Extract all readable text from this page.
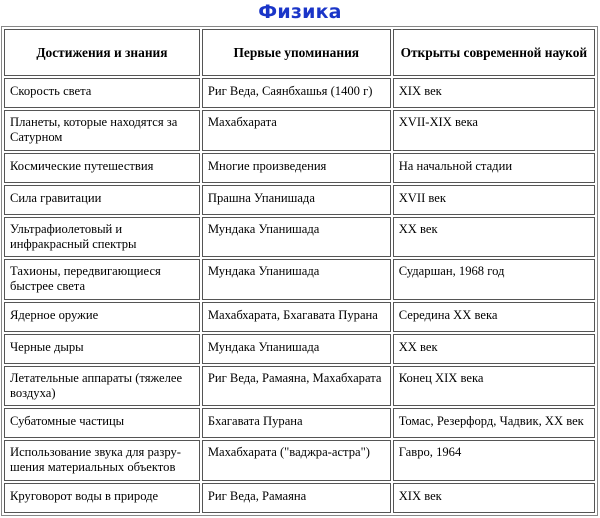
Физика
Достижения и знания	Первые упоминания	Открыты современной наукой
Скорость света	Риг Веда, Саянбхашья (1400 г)	XIX век
Планеты, которые находятся за Сатурном	Махабхарата	XVII-XIX века
Космические путешествия	Многие произведения	На начальной стадии
Сила гравитации	Прашна Упанишада	XVII век
Ультрафиолетовый и инфракрасный спектры	Мундака Упанишада	XX век
Тахионы, передвигающиеся быстрее света	Мундака Упанишада	Сударшан, 1968 год
Ядерное оружие	Махабхарата, Бхагавата Пурана	Середина XX века
Черные дыры	Мундака Упанишада	XX век
Летательные аппараты (тяжелее воздуха)	Риг Веда, Рамаяна, Махабхарата	Конец XIX века
Субатомные частицы	Бхагавата Пурана	Томас, Резерфорд, Чадвик, XX век
Использование звука для разру-шения материальных объектов	Махабхарата ("ваджра-астра")	Гавро, 1964
Круговорот воды в природе	Риг Веда, Рамаяна	XIX век
